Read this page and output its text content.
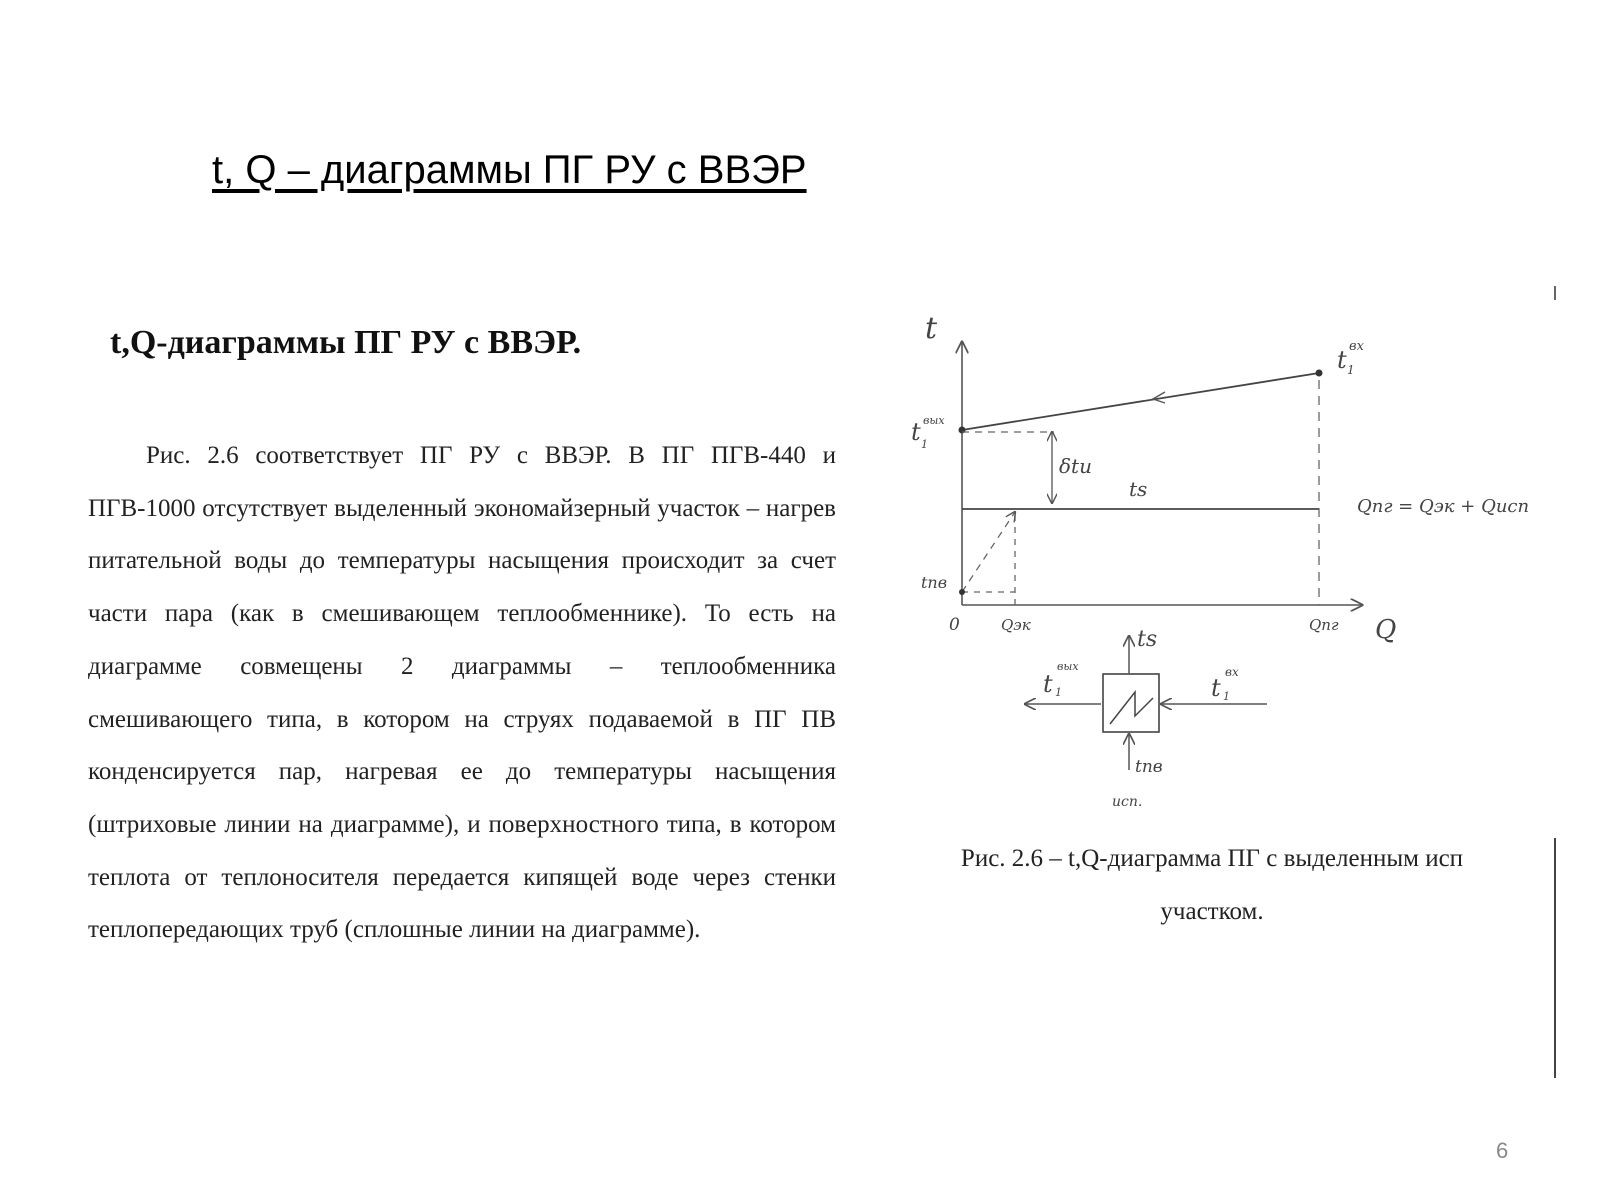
t, Q – диаграммы ПГ РУ с ВВЭР
t,Q-диаграммы ПГ РУ с ВВЭР.

Рис. 2.6 соответствует ПГ РУ с ВВЭР. В ПГ ПГВ-440 и ПГВ-1000 отсутствует выделенный экономайзерный участок – нагрев питательной воды до температуры насыщения происходит за счет части пара (как в смешивающем теплообменнике). То есть на диаграмме совмещены 2 диаграммы – теплообменника смешивающего типа, в котором на струях подаваемой в ПГ ПВ конденсируется пар, нагревая ее до температуры насыщения (штриховые линии на диаграмме), и поверхностного типа, в котором теплота от теплоносителя передается кипящей воде через стенки теплопередающих труб (сплошные линии на диаграмме).

t
Q
0
t вх
1
t вых
1
δtu
ts
tпв
Qэк	Qпг
Qпг = Qэк + Qисп
ts
t
вых
1	t
вх
1
tпв
исп.

Рис. 2.6 – t,Q-диаграмма ПГ с выделенным исп
участком.

6
